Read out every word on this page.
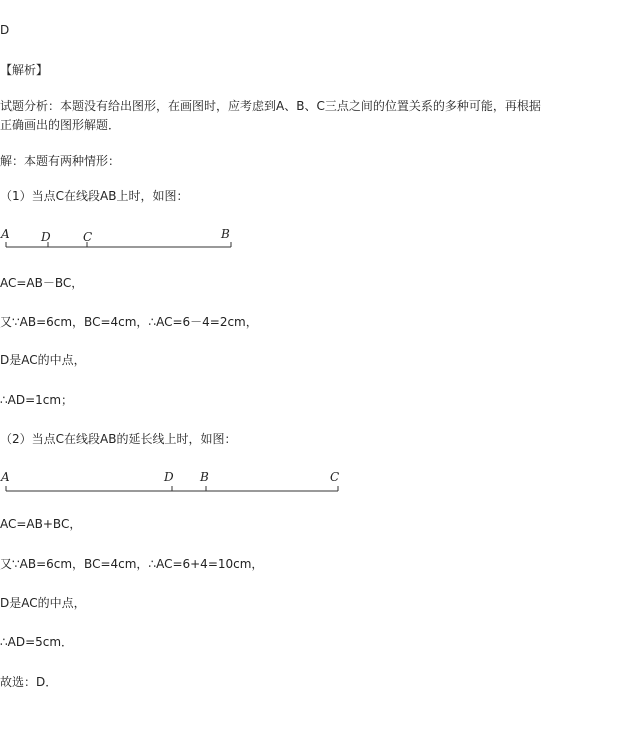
D
【解析】
试题分析：本题没有给出图形，在画图时，应考虑到A、B、C三点之间的位置关系的多种可能，再根据
正确画出的图形解题．
解：本题有两种情形：
（1）当点C在线段AB上时，如图：
A	D	C	B
AC=AB－BC，
又∵AB=6cm，BC=4cm，∴AC=6－4=2cm，
D是AC的中点，
∴AD=1cm；
（2）当点C在线段AB的延长线上时，如图：
A	D B	C
AC=AB+BC，
又∵AB=6cm，BC=4cm，∴AC=6+4=10cm，
D是AC的中点，
∴AD=5cm．
故选：D．
